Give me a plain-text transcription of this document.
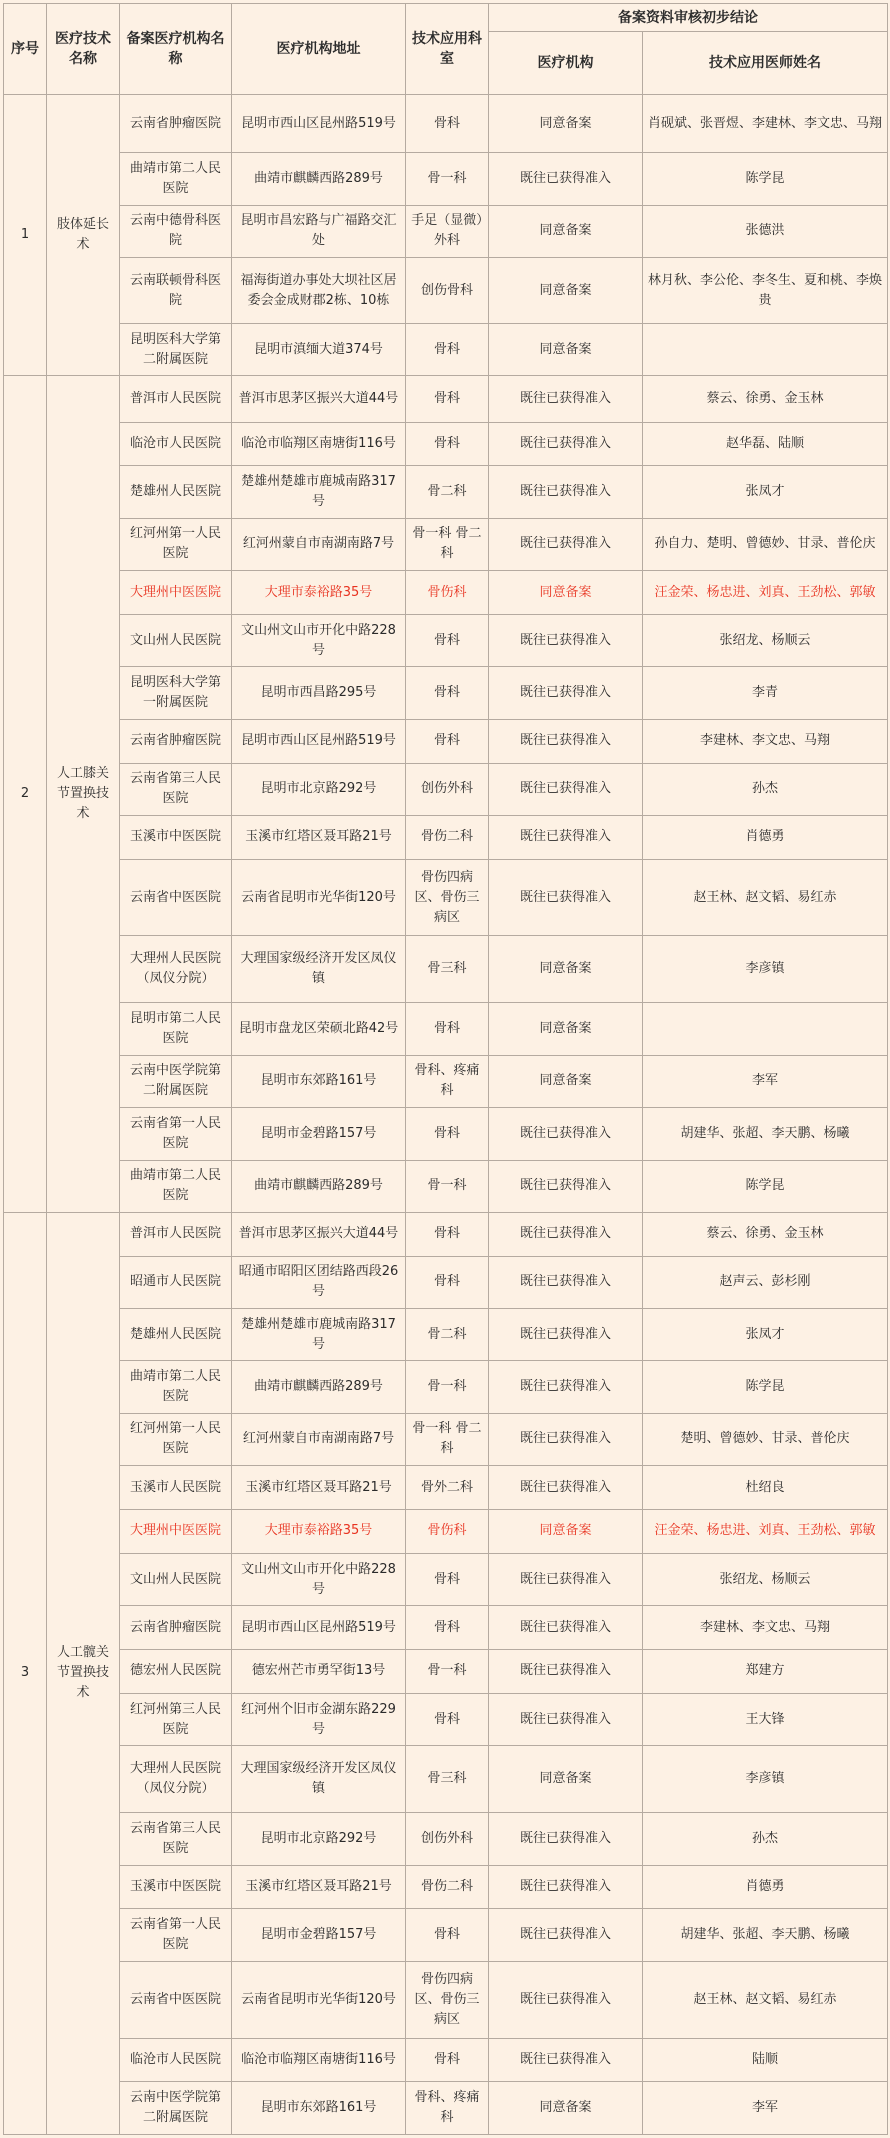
序号	医疗技术名称	备案医疗机构名称	医疗机构地址	技术应用科室	备案资料审核初步结论	
					医疗机构	技术应用医师姓名
1	肢体延长术	云南省肿瘤医院	昆明市西山区昆州路519号	骨科	同意备案	肖砚斌、张晋煜、李建林、李文忠、马翔
		曲靖市第二人民医院	曲靖市麒麟西路289号	骨一科	既往已获得准入	陈学昆
		云南中德骨科医院	昆明市昌宏路与广福路交汇处	手足（显微）外科	同意备案	张德洪
		云南联顿骨科医院	福海街道办事处大坝社区居委会金成财郡2栋、10栋	创伤骨科	同意备案	林月秋、李公伦、李冬生、夏和桃、李焕贵
		昆明医科大学第二附属医院	昆明市滇缅大道374号	骨科	同意备案	
2	人工膝关节置换技术	普洱市人民医院	普洱市思茅区振兴大道44号	骨科	既往已获得准入	蔡云、徐勇、金玉林
		临沧市人民医院	临沧市临翔区南塘街116号	骨科	既往已获得准入	赵华磊、陆顺
		楚雄州人民医院	楚雄州楚雄市鹿城南路317号	骨二科	既往已获得准入	张凤才
		红河州第一人民医院	红河州蒙自市南湖南路7号	骨一科 骨二科	既往已获得准入	孙自力、楚明、曾德妙、甘录、普伦庆
		大理州中医医院	大理市泰裕路35号	骨伤科	同意备案	汪金荣、杨忠进、刘真、王劲松、郭敏
		文山州人民医院	文山州文山市开化中路228号	骨科	既往已获得准入	张绍龙、杨顺云
		昆明医科大学第一附属医院	昆明市西昌路295号	骨科	既往已获得准入	李青
		云南省肿瘤医院	昆明市西山区昆州路519号	骨科	既往已获得准入	李建林、李文忠、马翔
		云南省第三人民医院	昆明市北京路292号	创伤外科	既往已获得准入	孙杰
		玉溪市中医医院	玉溪市红塔区聂耳路21号	骨伤二科	既往已获得准入	肖德勇
		云南省中医医院	云南省昆明市光华街120号	骨伤四病区、骨伤三病区	既往已获得准入	赵王林、赵文韬、易红赤
		大理州人民医院（凤仪分院）	大理国家级经济开发区凤仪镇	骨三科	同意备案	李彦镇
		昆明市第二人民医院	昆明市盘龙区荣硕北路42号	骨科	同意备案	
		云南中医学院第二附属医院	昆明市东郊路161号	骨科、疼痛科	同意备案	李军
		云南省第一人民医院	昆明市金碧路157号	骨科	既往已获得准入	胡建华、张超、李天鹏、杨曦
		曲靖市第二人民医院	曲靖市麒麟西路289号	骨一科	既往已获得准入	陈学昆
3	人工髋关节置换技术	普洱市人民医院	普洱市思茅区振兴大道44号	骨科	既往已获得准入	蔡云、徐勇、金玉林
		昭通市人民医院	昭通市昭阳区团结路西段26号	骨科	既往已获得准入	赵声云、彭杉刚
		楚雄州人民医院	楚雄州楚雄市鹿城南路317号	骨二科	既往已获得准入	张凤才
		曲靖市第二人民医院	曲靖市麒麟西路289号	骨一科	既往已获得准入	陈学昆
		红河州第一人民医院	红河州蒙自市南湖南路7号	骨一科 骨二科	既往已获得准入	楚明、曾德妙、甘录、普伦庆
		玉溪市人民医院	玉溪市红塔区聂耳路21号	骨外二科	既往已获得准入	杜绍良
		大理州中医医院	大理市泰裕路35号	骨伤科	同意备案	汪金荣、杨忠进、刘真、王劲松、郭敏
		文山州人民医院	文山州文山市开化中路228号	骨科	既往已获得准入	张绍龙、杨顺云
		云南省肿瘤医院	昆明市西山区昆州路519号	骨科	既往已获得准入	李建林、李文忠、马翔
		德宏州人民医院	德宏州芒市勇罕街13号	骨一科	既往已获得准入	郑建方
		红河州第三人民医院	红河州个旧市金湖东路229号	骨科	既往已获得准入	王大锋
		大理州人民医院（凤仪分院）	大理国家级经济开发区凤仪镇	骨三科	同意备案	李彦镇
		云南省第三人民医院	昆明市北京路292号	创伤外科	既往已获得准入	孙杰
		玉溪市中医医院	玉溪市红塔区聂耳路21号	骨伤二科	既往已获得准入	肖德勇
		云南省第一人民医院	昆明市金碧路157号	骨科	既往已获得准入	胡建华、张超、李天鹏、杨曦
		云南省中医医院	云南省昆明市光华街120号	骨伤四病区、骨伤三病区	既往已获得准入	赵王林、赵文韬、易红赤
		临沧市人民医院	临沧市临翔区南塘街116号	骨科	既往已获得准入	陆顺
		云南中医学院第二附属医院	昆明市东郊路161号	骨科、疼痛科	同意备案	李军
